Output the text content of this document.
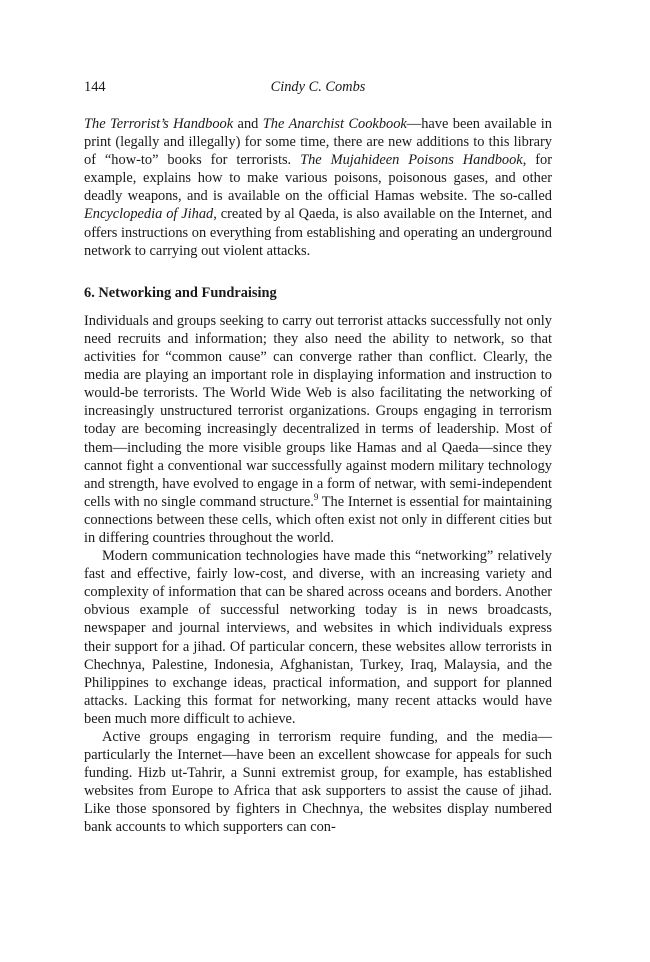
144	Cindy C. Combs

The Terrorist’s Handbook and The Anarchist Cookbook—have been available in print (legally and illegally) for some time, there are new additions to this library of “how-to” books for terrorists. The Mujahideen Poisons Handbook, for example, explains how to make various poisons, poisonous gases, and other deadly weapons, and is available on the official Hamas website. The so-called Encyclopedia of Jihad, created by al Qaeda, is also available on the Internet, and offers instructions on everything from establishing and operating an underground network to carrying out violent attacks.

6. Networking and Fundraising

Individuals and groups seeking to carry out terrorist attacks successfully not only need recruits and information; they also need the ability to network, so that activities for “common cause” can converge rather than conflict. Clearly, the media are playing an important role in displaying information and instruction to would-be terrorists. The World Wide Web is also facilitating the networking of increasingly unstructured terrorist organizations. Groups engaging in terrorism today are becoming increasingly decentralized in terms of leadership. Most of them—including the more visible groups like Hamas and al Qaeda—since they cannot fight a conventional war successfully against modern military technology and strength, have evolved to engage in a form of netwar, with semi-independent cells with no single command structure.$^9$ The Internet is essential for maintaining connections between these cells, which often exist not only in different cities but in differing countries throughout the world.

Modern communication technologies have made this “networking” relatively fast and effective, fairly low-cost, and diverse, with an increasing variety and complexity of information that can be shared across oceans and borders. Another obvious example of successful networking today is in news broadcasts, newspaper and journal interviews, and websites in which individuals express their support for a jihad. Of particular concern, these websites allow terrorists in Chechnya, Palestine, Indonesia, Afghanistan, Turkey, Iraq, Malaysia, and the Philippines to exchange ideas, practical information, and support for planned attacks. Lacking this format for networking, many recent attacks would have been much more difficult to achieve.

Active groups engaging in terrorism require funding, and the media—particularly the Internet—have been an excellent showcase for appeals for such funding. Hizb ut-Tahrir, a Sunni extremist group, for example, has established websites from Europe to Africa that ask supporters to assist the cause of jihad. Like those sponsored by fighters in Chechnya, the websites display numbered bank accounts to which supporters can con-
